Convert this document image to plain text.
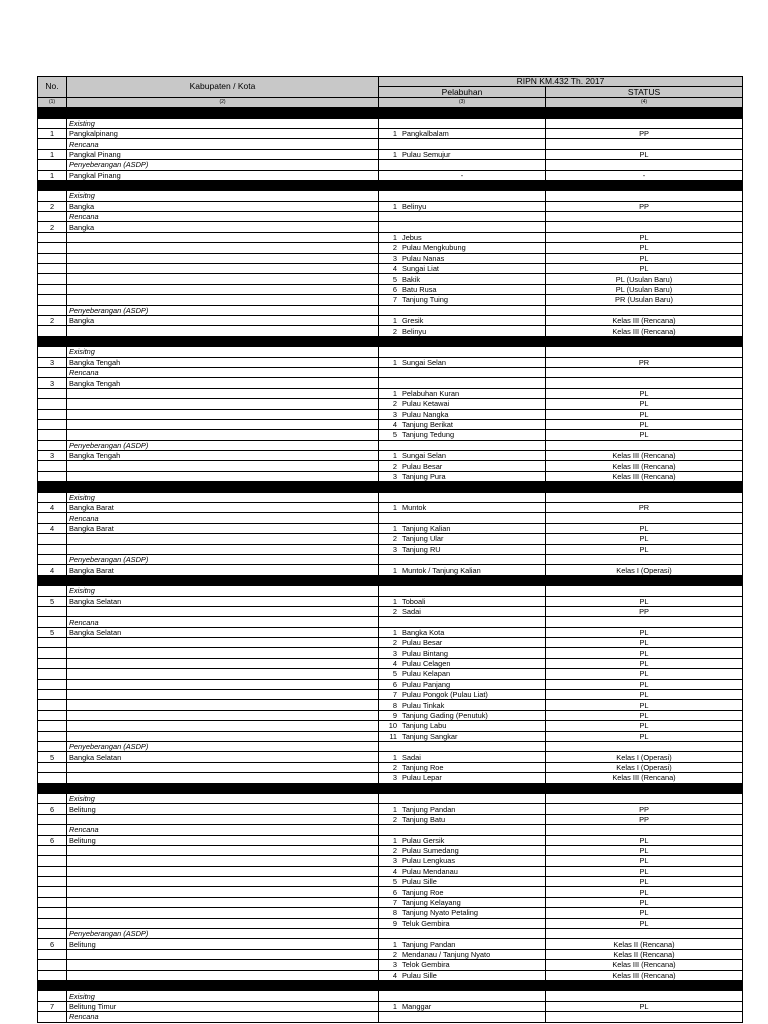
No.	Kabupaten / Kota	RIPN KM.432 Th. 2017	
		Pelabuhan	STATUS
(1)	(2)	(3)	(4)

	Existing		
1	Pangkalpinang	1 Pangkalbalam	PP
	Rencana		
1	Pangkal Pinang	1 Pulau Semujur	PL
	Penyeberangan (ASDP)		
1	Pangkal Pinang	-	-

	Exisitng		
2	Bangka	1 Belinyu	PP
	Rencana		
2	Bangka		
		1 Jebus	PL
		2 Pulau Mengkubung	PL
		3 Pulau Nanas	PL
		4 Sungai Liat	PL
		5 Bakik	PL (Usulan Baru)
		6 Batu Rusa	PL (Usulan Baru)
		7 Tanjung Tuing	PR (Usulan Baru)
	Penyeberangan (ASDP)		
2	Bangka	1 Gresik	Kelas III (Rencana)
		2 Belinyu	Kelas III (Rencana)

	Exisitng		
3	Bangka Tengah	1 Sungai Selan	PR
	Rencana		
3	Bangka Tengah		
		1 Pelabuhan Kuran	PL
		2 Pulau Ketawai	PL
		3 Pulau Nangka	PL
		4 Tanjung Berikat	PL
		5 Tanjung Tedung	PL
	Penyeberangan (ASDP)		
3	Bangka Tengah	1 Sungai Selan	Kelas III (Rencana)
		2 Pulau Besar	Kelas III (Rencana)
		3 Tanjung Pura	Kelas III (Rencana)

	Exisitng		
4	Bangka Barat	1 Muntok	PR
	Rencana		
4	Bangka Barat	1 Tanjung Kalian	PL
		2 Tanjung Ular	PL
		3 Tanjung RU	PL
	Penyeberangan (ASDP)		
4	Bangka Barat	1 Muntok / Tanjung Kalian	Kelas I (Operasi)

	Exisitng		
5	Bangka Selatan	1 Toboali	PL
		2 Sadai	PP
	Rencana		
5	Bangka Selatan	1 Bangka Kota	PL
		2 Pulau Besar	PL
		3 Pulau Bintang	PL
		4 Pulau Celagen	PL
		5 Pulau Kelapan	PL
		6 Pulau Panjang	PL
		7 Pulau Pongok (Pulau Liat)	PL
		8 Pulau Tinkak	PL
		9 Tanjung Gading (Penutuk)	PL
		10 Tanjung Labu	PL
		11 Tanjung Sangkar	PL
	Penyeberangan (ASDP)		
5	Bangka Selatan	1 Sadai	Kelas I (Operasi)
		2 Tanjung Roe	Kelas I (Operasi)
		3 Pulau Lepar	Kelas III (Rencana)

	Exisitng		
6	Belitung	1 Tanjung Pandan	PP
		2 Tanjung Batu	PP
	Rencana		
6	Belitung	1 Pulau Gersik	PL
		2 Pulau Sumedang	PL
		3 Pulau Lengkuas	PL
		4 Pulau Mendanau	PL
		5 Pulau Sille	PL
		6 Tanjung Roe	PL
		7 Tanjung Kelayang	PL
		8 Tanjung Nyato Petaling	PL
		9 Teluk Gembira	PL
	Penyeberangan (ASDP)		
6	Belitung	1 Tanjung Pandan	Kelas II (Rencana)
		2 Mendanau / Tanjung Nyato	Kelas II (Rencana)
		3 Telok Gembira	Kelas III (Rencana)
		4 Pulau Sille	Kelas III (Rencana)

	Exisitng		
7	Belitung Timur	1 Manggar	PL
	Rencana		
